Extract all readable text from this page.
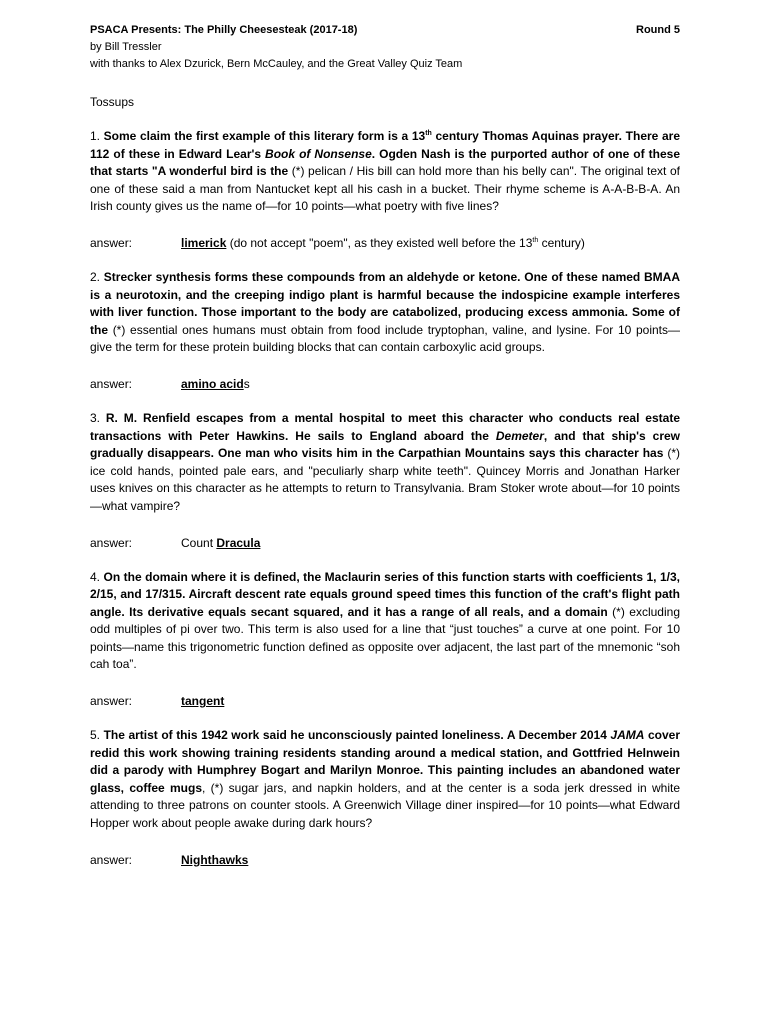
PSACA Presents: The Philly Cheesesteak (2017-18)	Round 5
by Bill Tressler
with thanks to Alex Dzurick, Bern McCauley, and the Great Valley Quiz Team
Tossups
1. Some claim the first example of this literary form is a 13th century Thomas Aquinas prayer. There are 112 of these in Edward Lear's Book of Nonsense. Ogden Nash is the purported author of one of these that starts "A wonderful bird is the (*) pelican / His bill can hold more than his belly can". The original text of one of these said a man from Nantucket kept all his cash in a bucket. Their rhyme scheme is A-A-B-B-A. An Irish county gives us the name of—for 10 points—what poetry with five lines?
answer:	limerick (do not accept "poem", as they existed well before the 13th century)
2. Strecker synthesis forms these compounds from an aldehyde or ketone. One of these named BMAA is a neurotoxin, and the creeping indigo plant is harmful because the indospicine example interferes with liver function. Those important to the body are catabolized, producing excess ammonia. Some of the (*) essential ones humans must obtain from food include tryptophan, valine, and lysine. For 10 points—give the term for these protein building blocks that can contain carboxylic acid groups.
answer:	amino acids
3. R. M. Renfield escapes from a mental hospital to meet this character who conducts real estate transactions with Peter Hawkins. He sails to England aboard the Demeter, and that ship's crew gradually disappears. One man who visits him in the Carpathian Mountains says this character has (*) ice cold hands, pointed pale ears, and "peculiarly sharp white teeth". Quincey Morris and Jonathan Harker uses knives on this character as he attempts to return to Transylvania. Bram Stoker wrote about—for 10 points—what vampire?
answer:	Count Dracula
4. On the domain where it is defined, the Maclaurin series of this function starts with coefficients 1, 1/3, 2/15, and 17/315. Aircraft descent rate equals ground speed times this function of the craft's flight path angle. Its derivative equals secant squared, and it has a range of all reals, and a domain (*) excluding odd multiples of pi over two. This term is also used for a line that “just touches” a curve at one point. For 10 points—name this trigonometric function defined as opposite over adjacent, the last part of the mnemonic “soh cah toa”.
answer:	tangent
5. The artist of this 1942 work said he unconsciously painted loneliness. A December 2014 JAMA cover redid this work showing training residents standing around a medical station, and Gottfried Helnwein did a parody with Humphrey Bogart and Marilyn Monroe. This painting includes an abandoned water glass, coffee mugs, (*) sugar jars, and napkin holders, and at the center is a soda jerk dressed in white attending to three patrons on counter stools. A Greenwich Village diner inspired—for 10 points—what Edward Hopper work about people awake during dark hours?
answer:	Nighthawks
